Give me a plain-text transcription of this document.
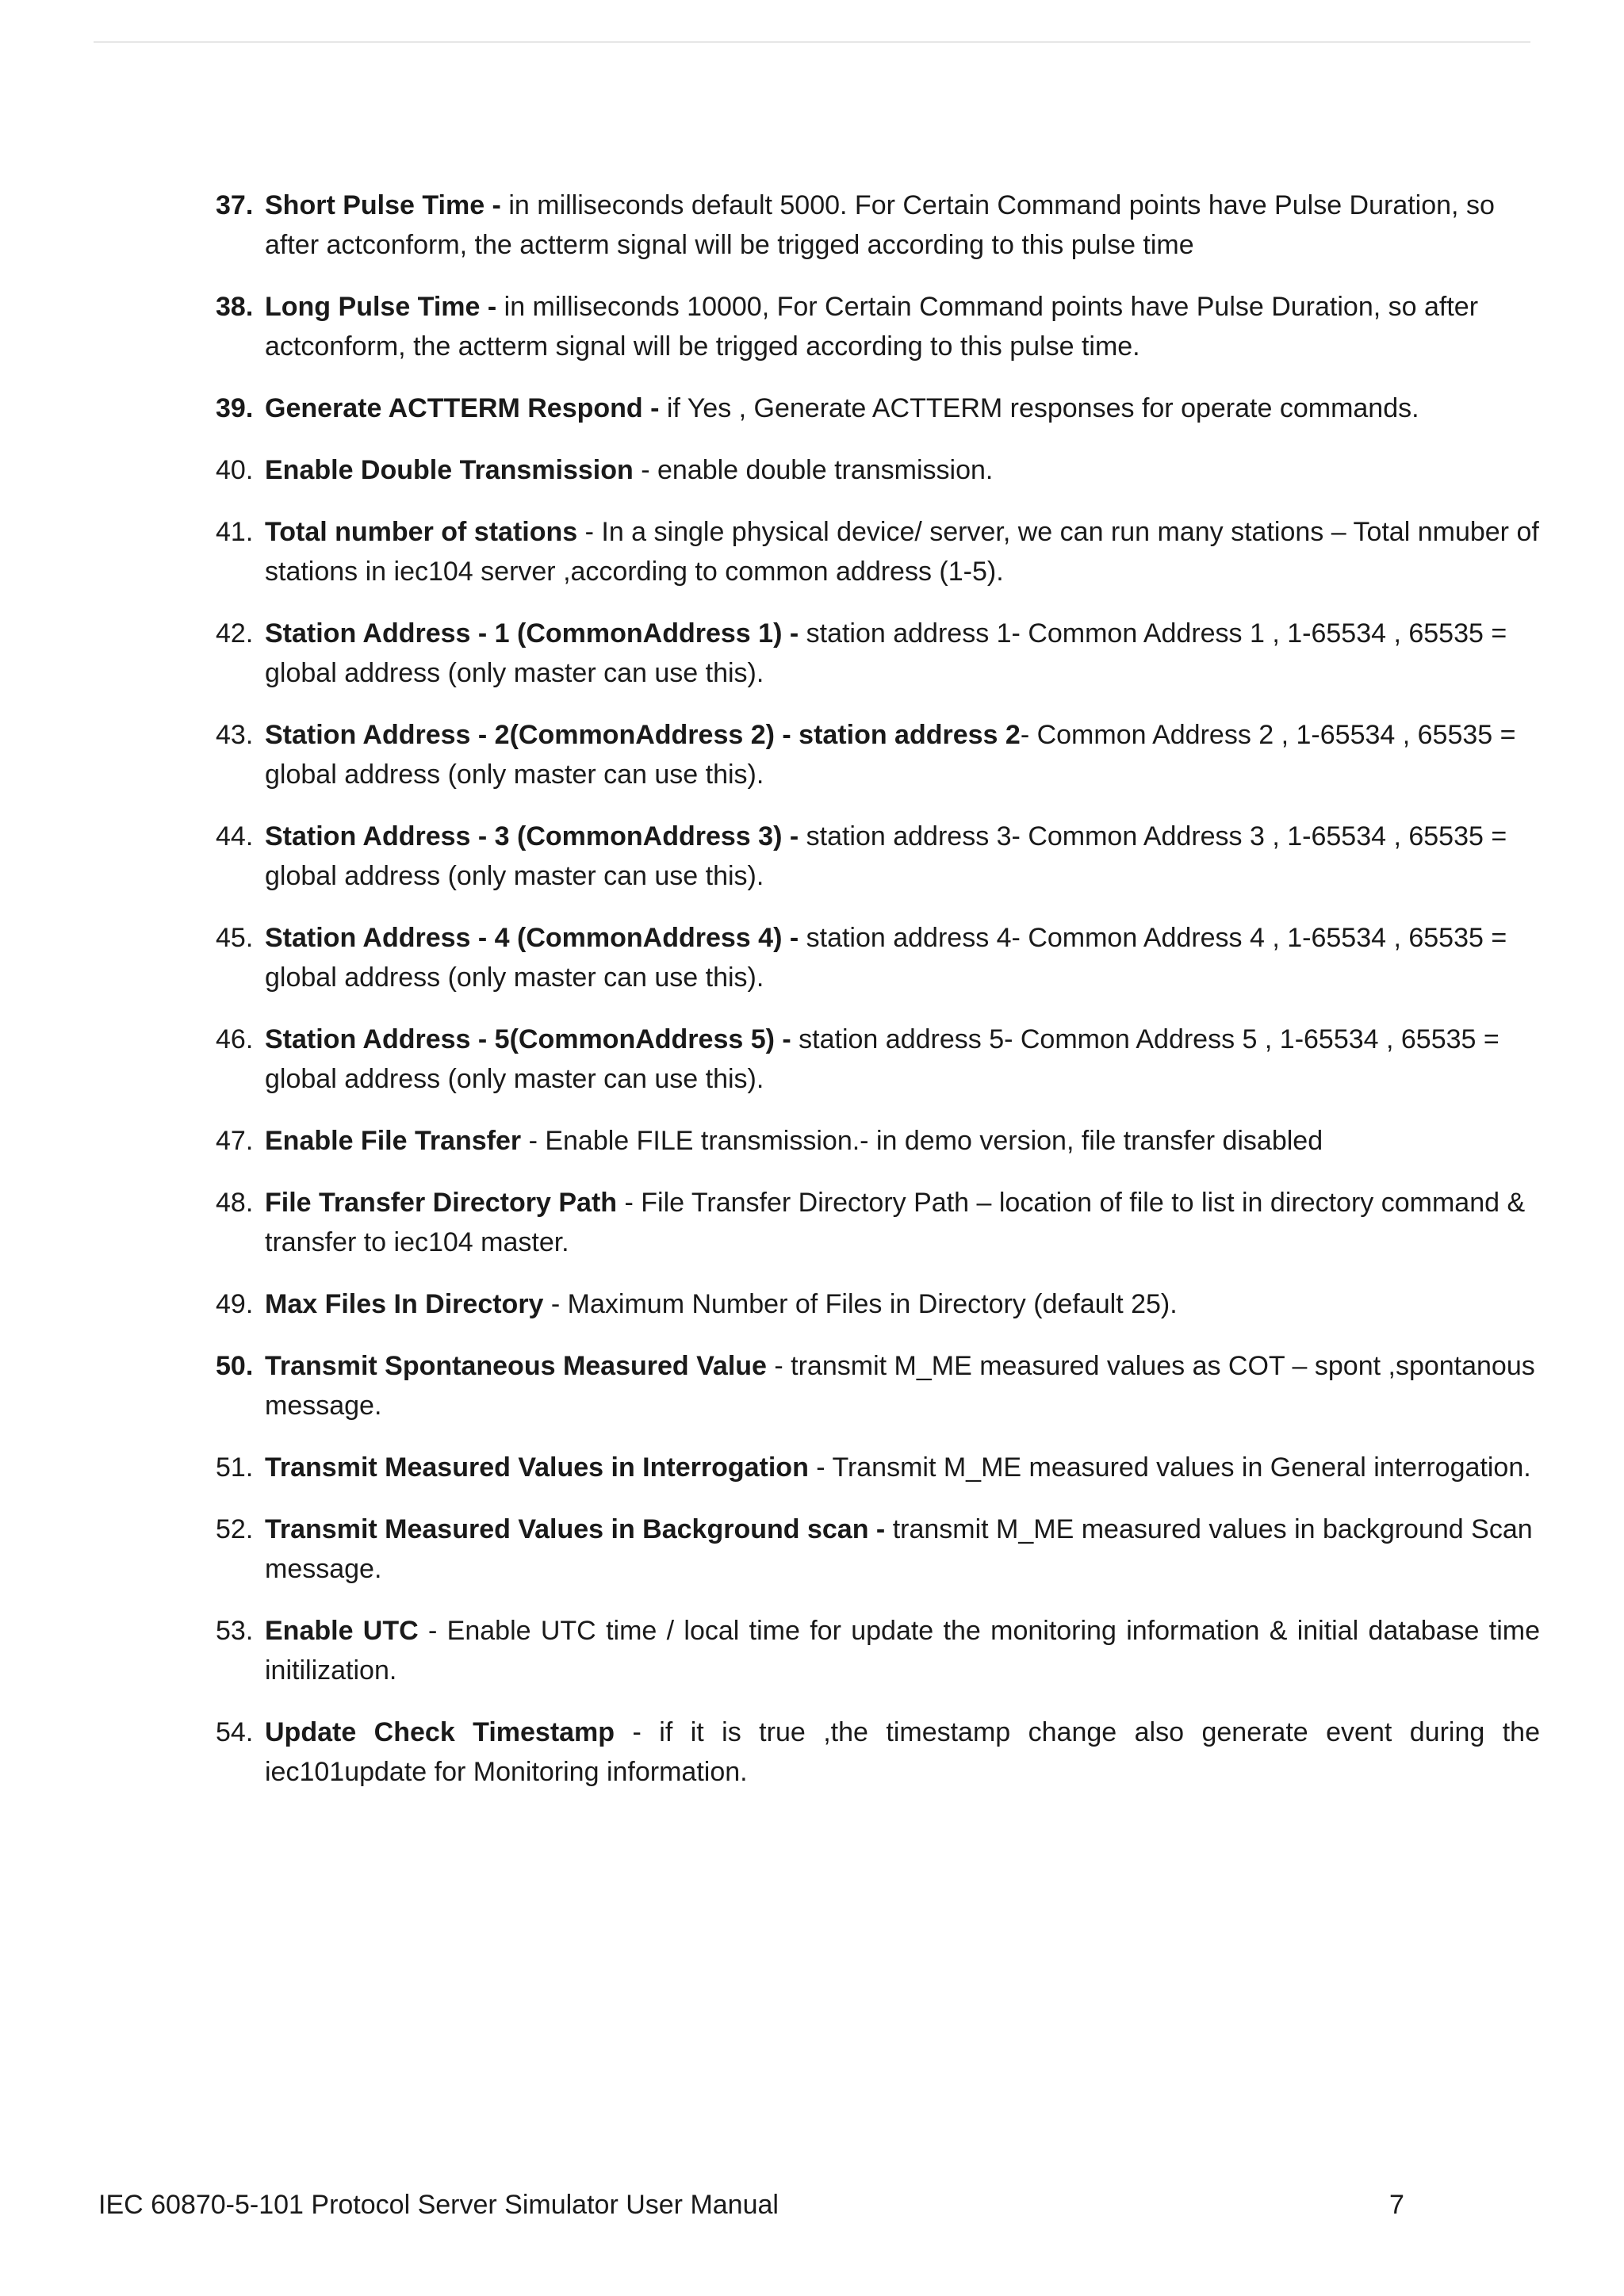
37. Short Pulse Time - in milliseconds default 5000. For Certain Command points have Pulse Duration, so after actconform, the actterm signal will be trigged according to this pulse time
38. Long Pulse Time - in milliseconds 10000, For Certain Command points have Pulse Duration, so after actconform, the actterm signal will be trigged according to this pulse time.
39. Generate ACTTERM Respond - if Yes , Generate ACTTERM responses for operate commands.
40. Enable Double Transmission - enable double transmission.
41. Total number of stations - In a single physical device/ server, we can run many stations – Total nmuber of stations in iec104 server ,according to common address (1-5).
42. Station Address - 1 (CommonAddress 1) - station address 1- Common Address 1 , 1-65534 , 65535 = global address (only master can use this).
43. Station Address - 2(CommonAddress 2) - station address 2- Common Address 2 , 1-65534 , 65535 = global address (only master can use this).
44. Station Address - 3 (CommonAddress 3) - station address 3- Common Address 3 , 1-65534 , 65535 = global address (only master can use this).
45. Station Address - 4 (CommonAddress 4) - station address 4- Common Address 4 , 1-65534 , 65535 = global address (only master can use this).
46. Station Address - 5(CommonAddress 5) - station address 5- Common Address 5 , 1-65534 , 65535 = global address (only master can use this).
47. Enable File Transfer - Enable FILE transmission.- in demo version, file transfer disabled
48. File Transfer Directory Path - File Transfer Directory Path – location of file to list in directory command & transfer to iec104 master.
49. Max Files In Directory - Maximum Number of Files in Directory (default 25).
50. Transmit Spontaneous Measured Value - transmit M_ME measured values as COT – spont ,spontanous message.
51. Transmit Measured Values in Interrogation - Transmit M_ME measured values in General interrogation.
52. Transmit Measured Values in Background scan - transmit M_ME measured values in background Scan message.
53. Enable UTC - Enable UTC time / local time for update the monitoring information & initial database time initilization.
54. Update Check Timestamp - if it is true ,the timestamp change also generate event during the iec101update for Monitoring information.
IEC 60870-5-101 Protocol Server Simulator User Manual	7
